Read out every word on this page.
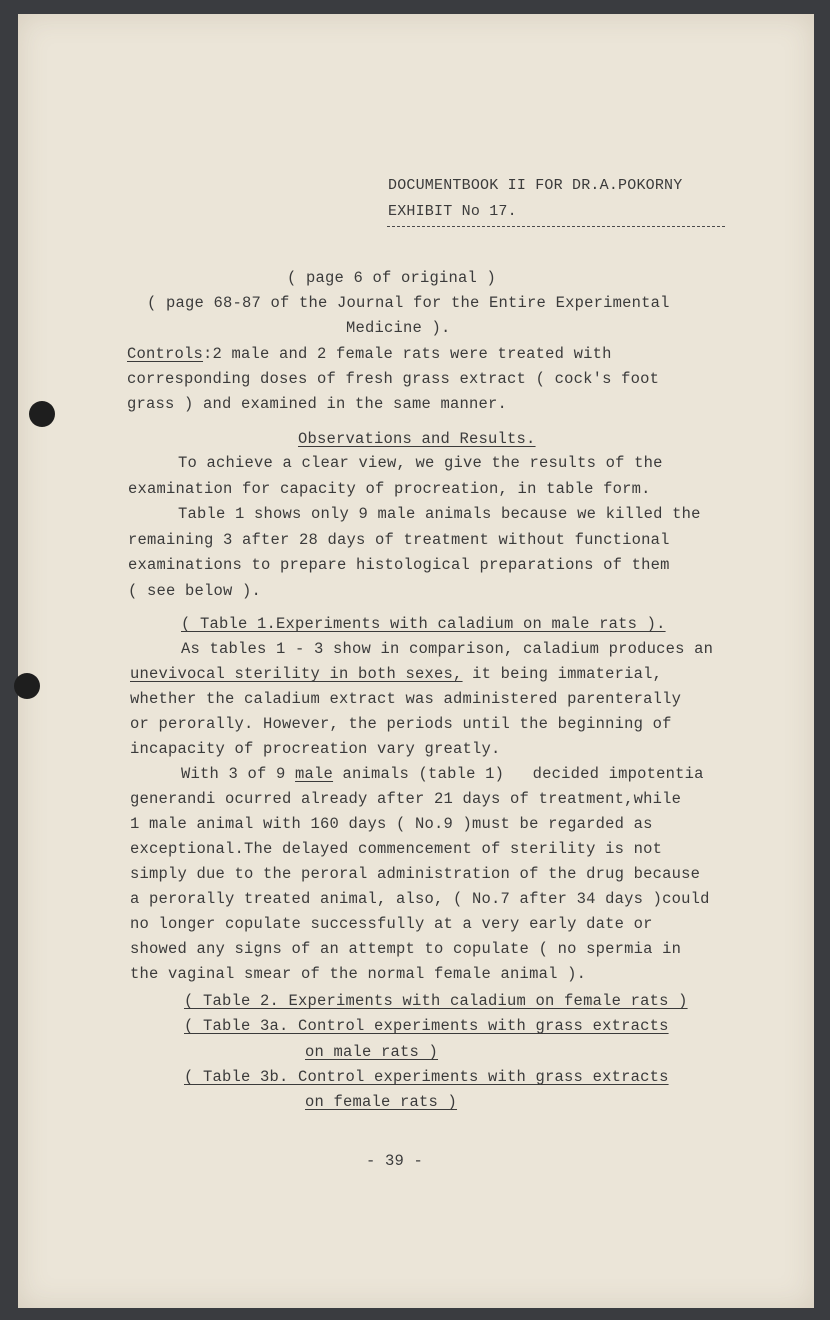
DOCUMENTBOOK II FOR DR.A.POKORNY
EXHIBIT No 17.
( page 6 of original )
( page 68-87 of the Journal for the Entire Experimental
Medicine ).
Controls:2 male and 2 female rats were treated with
corresponding doses of fresh grass extract ( cock's foot
grass ) and examined in the same manner.
Observations and Results.
To achieve a clear view, we give the results of the
examination for capacity of procreation, in table form.
Table 1 shows only 9 male animals because we killed the
remaining 3 after 28 days of treatment without functional
examinations to prepare histological preparations of them
( see below ).
( Table 1.Experiments with caladium on male rats ).
As tables 1 - 3 show in comparison, caladium produces an
unevivocal sterility in both sexes, it being immaterial,
whether the caladium extract was administered parenterally
or perorally. However, the periods until the beginning of
incapacity of procreation vary greatly.
With 3 of 9 male animals (table 1)   decided impotentia
generandi ocurred already after 21 days of treatment,while
1 male animal with 160 days ( No.9 )must be regarded as
exceptional.The delayed commencement of sterility is not
simply due to the peroral administration of the drug because
a perorally treated animal, also, ( No.7 after 34 days )could
no longer copulate successfully at a very early date or
showed any signs of an attempt to copulate ( no spermia in
the vaginal smear of the normal female animal ).
( Table 2. Experiments with caladium on female rats )
( Table 3a. Control experiments with grass extracts
on male rats )
( Table 3b. Control experiments with grass extracts
on female rats )
- 39 -
